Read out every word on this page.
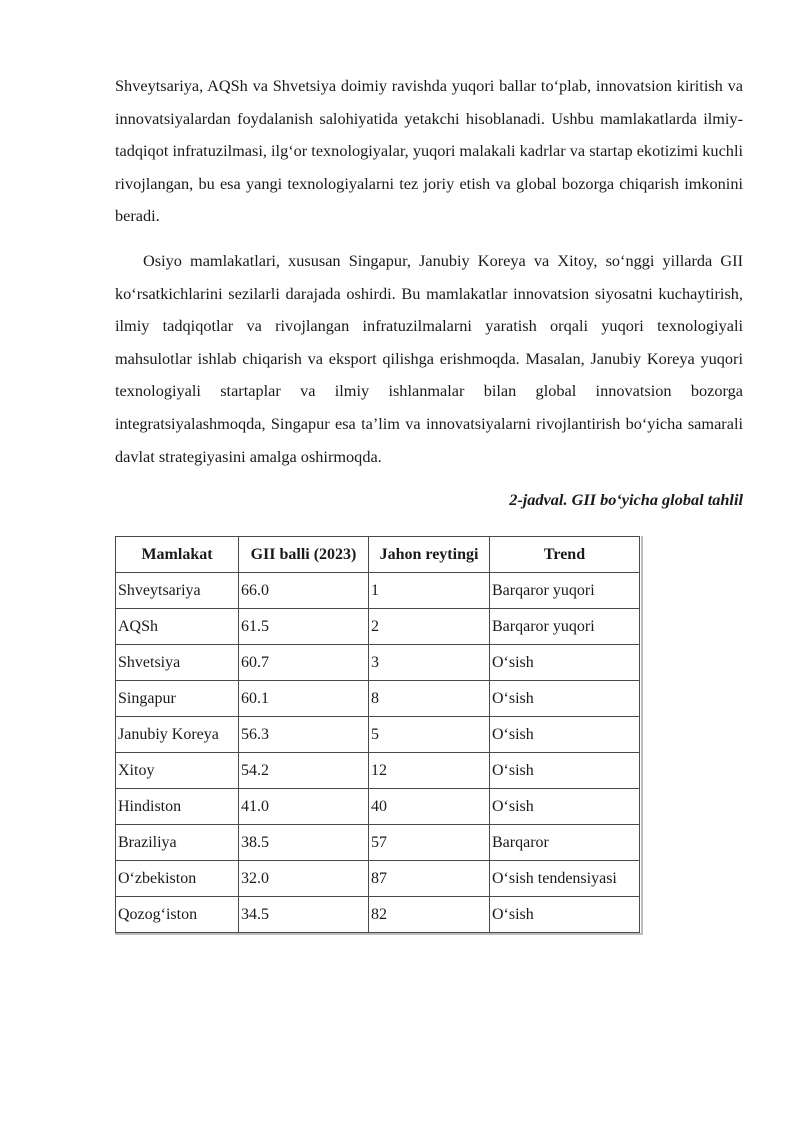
Shveytsariya, AQSh va Shvetsiya doimiy ravishda yuqori ballar to‘plab, innovatsion kiritish va innovatsiyalardan foydalanish salohiyatida yetakchi hisoblanadi. Ushbu mamlakatlarda ilmiy-tadqiqot infratuzilmasi, ilg‘or texnologiyalar, yuqori malakali kadrlar va startap ekotizimi kuchli rivojlangan, bu esa yangi texnologiyalarni tez joriy etish va global bozorga chiqarish imkonini beradi.

Osiyo mamlakatlari, xususan Singapur, Janubiy Koreya va Xitoy, so‘nggi yillarda GII ko‘rsatkichlarini sezilarli darajada oshirdi. Bu mamlakatlar innovatsion siyosatni kuchaytirish, ilmiy tadqiqotlar va rivojlangan infratuzilmalarni yaratish orqali yuqori texnologiyali mahsulotlar ishlab chiqarish va eksport qilishga erishmoqda. Masalan, Janubiy Koreya yuqori texnologiyali startaplar va ilmiy ishlanmalar bilan global innovatsion bozorga integratsiyalashmoqda, Singapur esa ta’lim va innovatsiyalarni rivojlantirish bo‘yicha samarali davlat strategiyasini amalga oshirmoqda.

2-jadval. GII bo‘yicha global tahlil

Mamlakat	GII balli (2023)	Jahon reytingi	Trend
Shveytsariya	66.0	1	Barqaror yuqori
AQSh	61.5	2	Barqaror yuqori
Shvetsiya	60.7	3	O‘sish
Singapur	60.1	8	O‘sish
Janubiy Koreya	56.3	5	O‘sish
Xitoy	54.2	12	O‘sish
Hindiston	41.0	40	O‘sish
Braziliya	38.5	57	Barqaror
O‘zbekiston	32.0	87	O‘sish tendensiyasi
Qozog‘iston	34.5	82	O‘sish
